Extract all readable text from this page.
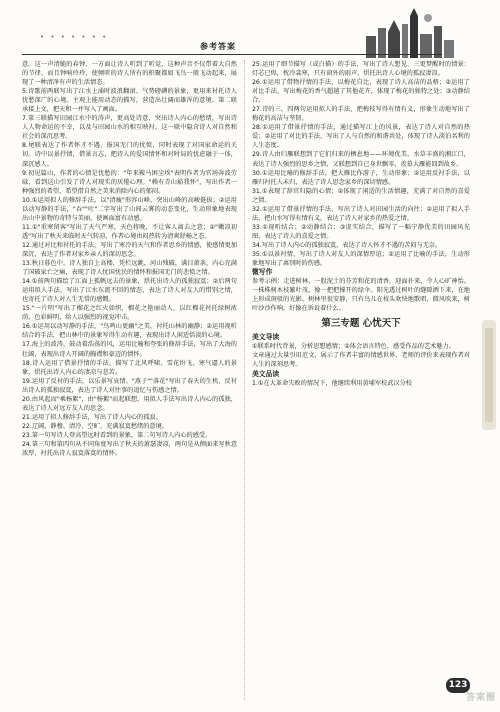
• • • • • • •
参考答案

意。这一声清脆的春钟，一方面让诗人听到了听觉，这种声音不仅带着大自然的节律，而且钟响玲玲，使倾听的诗人所有的积聚都如飞鸟一般飞动起来，展现了一种清净有声的生活情态。

5.诗歌前两联写出了江水上涌时波浪翻滚、气势磅礴的景象，更用来衬托诗人忧愁深广的心境。主观上能用动态的描写，营造出壮阔而雄浑的意境。第二联承接上文，把天和一并写入了画面。

7.第三联描写田园江水中的涛声，更高处诗意，突出诗人内心的愁绪，写出诗人人物命运的不幸，以及与田园山水的相互映衬。这一联中隐含诗人对自然和社会的深沉思考。

8.尾联表达了作者怀才不遇、报国无门的忧愤，同时表现了对国家命运的关切。诗中以景抒情，借景言志，把诗人的爱国情怀和对时局的忧虑融于一体，深沉感人。

9.初见篇山，作者的心情是忧愁的："年来鞍马困尘埃"表明作者为官场奔波劳碌，看到这山引发了诗人对现实的厌倦心理。"赖有青山豁我怀"，写出作者一种强烈的希望，希望借自然之美来消除内心的郁闷。

10.①运用拟人的修辞手法。以"清瘦"形容山峰，突出山峰的高峻挺拔；②运用以动写静的手法，"吞""吐"二字写出了山间云雾的动态变化，生动形象地表现出山中景物的奇特与美丽，使画面富有动感。

11.①"重寒留客"写出了天气严寒，天色将晚，不让客人离去之意；②"嫩凉初透"写出了秋天来临时天气转凉，作者心境由闷热转为清爽舒畅之态。

12.通过对比和衬托的手法，写出了寒冷的天气和作者思乡的情感，使感情更加深沉，表达了作者对家乡亲人的深切思念。

13.秋日暮色中，诗人独自上高楼，凭栏远眺，河山残破，满目萧条，内心充满了国破家亡之痛，表现了诗人忧国忧民的情怀和报国无门的悲愤之情。

14.①前两句描绘了江面上孤帆远去的景象，烘托出诗人的孤独寂寞；②后两句运用拟人手法，写出了江水东流不回的情态，表达了诗人对友人的惜别之情，也寄托了诗人对人生无常的感慨。

15."一片明"写出了榴花之红火如炽，榴花之艳丽动人，以红榴花衬托绿树浓荫，色彩鲜明，给人以强烈的视觉冲击。

16.①运用以动写静的手法，"鸟鸣山更幽"之美，衬托山林的幽静；②运用视听结合的手法，把山林中的景象写得生动有趣，表现出诗人闲适恬淡的心境。

17.海上的波涛，鼓动着浩荡的风，运用比喻和夸张的修辞手法，写出了大海的壮阔，表现出诗人开阔的胸襟和豪迈的情怀。

18.诗人运用了借景抒情的手法，描写了北风呼啸、雪花纷飞、寒气逼人的景象，烘托出诗人内心的凄凉与悲苦。

19.运用了反衬的手法，以乐景写哀情。"燕子""落花"写出了春天的生机，反衬出诗人的孤独寂寞，表达了诗人对往事的追忆与伤感之情。

20.由风起而"乘杨絮"，由"杨絮"而起联想，用拟人手法写出诗人内心的孤独，表达了诗人对远方友人的思念。

21.运用了拟人修辞手法，写出了诗人内心的孤寂。

22.辽阔、静穆、清冷、空旷、充满寂寞愁绪的意境。

23.第一句写诗人登高望远时看到的景象，第二句写诗人内心的感受。

24.第三句和第四句从不同角度写出了秋天的萧瑟凄凉，两句是从侧面来写秋意浓厚，衬托出诗人寂寞落寞的情怀。

25.运用了细节描写（或白描）的手法，写出了诗人想见、三更梦醒时的情景：灯芯已烬，枕冷衾寒，只有窗外的雨声，烘托出诗人心境的孤寂凄凉。

26.①运用了借物抒情的手法，以梅花自比，表现了诗人高洁的品格；②运用了对比手法，写出梅花的香气超越了其他花卉，体现了梅花的独特之处；③动静结合。

27.诗的三、四两句运用拟人的手法，把梅枝写得有情有义，形象生动地写出了梅花的高洁与坚韧。

28.①运用了借景抒情的手法，通过描写江上的风景，表达了诗人对自然的热爱；②运用了对比的手法，写出了人与自然的和谐共处，体现了诗人淡泊名利的人生态度。

29.诗人由归雁联想到了它们归来的栖息地——环境优美、水草丰盛的湘江口，表达了诗人强烈的思乡之情，又联想到自己身世飘零，羡慕大雁能回到故乡。

30.①运用比喻的修辞手法，把大雁比作游子，生动形象；②运用反衬手法，以雁归衬托人未归，表达了诗人思念家乡的深切情感。

31.①表现了辞官归隐的心情；②体现了闲适的生活情趣，充满了对自然的喜爱之情。

32.①运用了借景抒情的手法，写出了诗人对田园生活的向往；②运用了拟人手法，把山水写得有情有义，表达了诗人对家乡的热爱之情。

33.①视听结合；②动静结合；③虚实结合，描写了一幅宁静优美的田园风光图，表达了诗人的喜爱之情。

34.写出了诗人内心的孤独寂寞，表达了诗人怀才不遇的苦闷与无奈。

35.①以景衬情，写出了诗人对友人的深情厚谊；②运用了比喻的手法，生动形象地写出了离别时的伤感。

微写作

参考示例：走进树林，一股泥土的芬芳和花的清香，迎面扑来，令人心旷神怡。一株株树木枝繁叶茂，像一把把撑开的绿伞。阳光透过树叶的缝隙洒下来，在地上形成斑驳的光影。树林里很安静，只有鸟儿在枝头欢快地歌唱，微风吹来，树叶沙沙作响，好像在诉说着什么。

第三专题 心忧天下

美文导读

①联系时代背景，分析思想感情；②体会语言特色，感受作品的艺术魅力。

文章通过大量引用范文，展示了作者丰富的情感世界，老师的评价来表现作者对人生的深刻思考。

美文品读

1.①在大革命失败的情况下，他继续利用黄埔军校武汉分校

123
答案圈
